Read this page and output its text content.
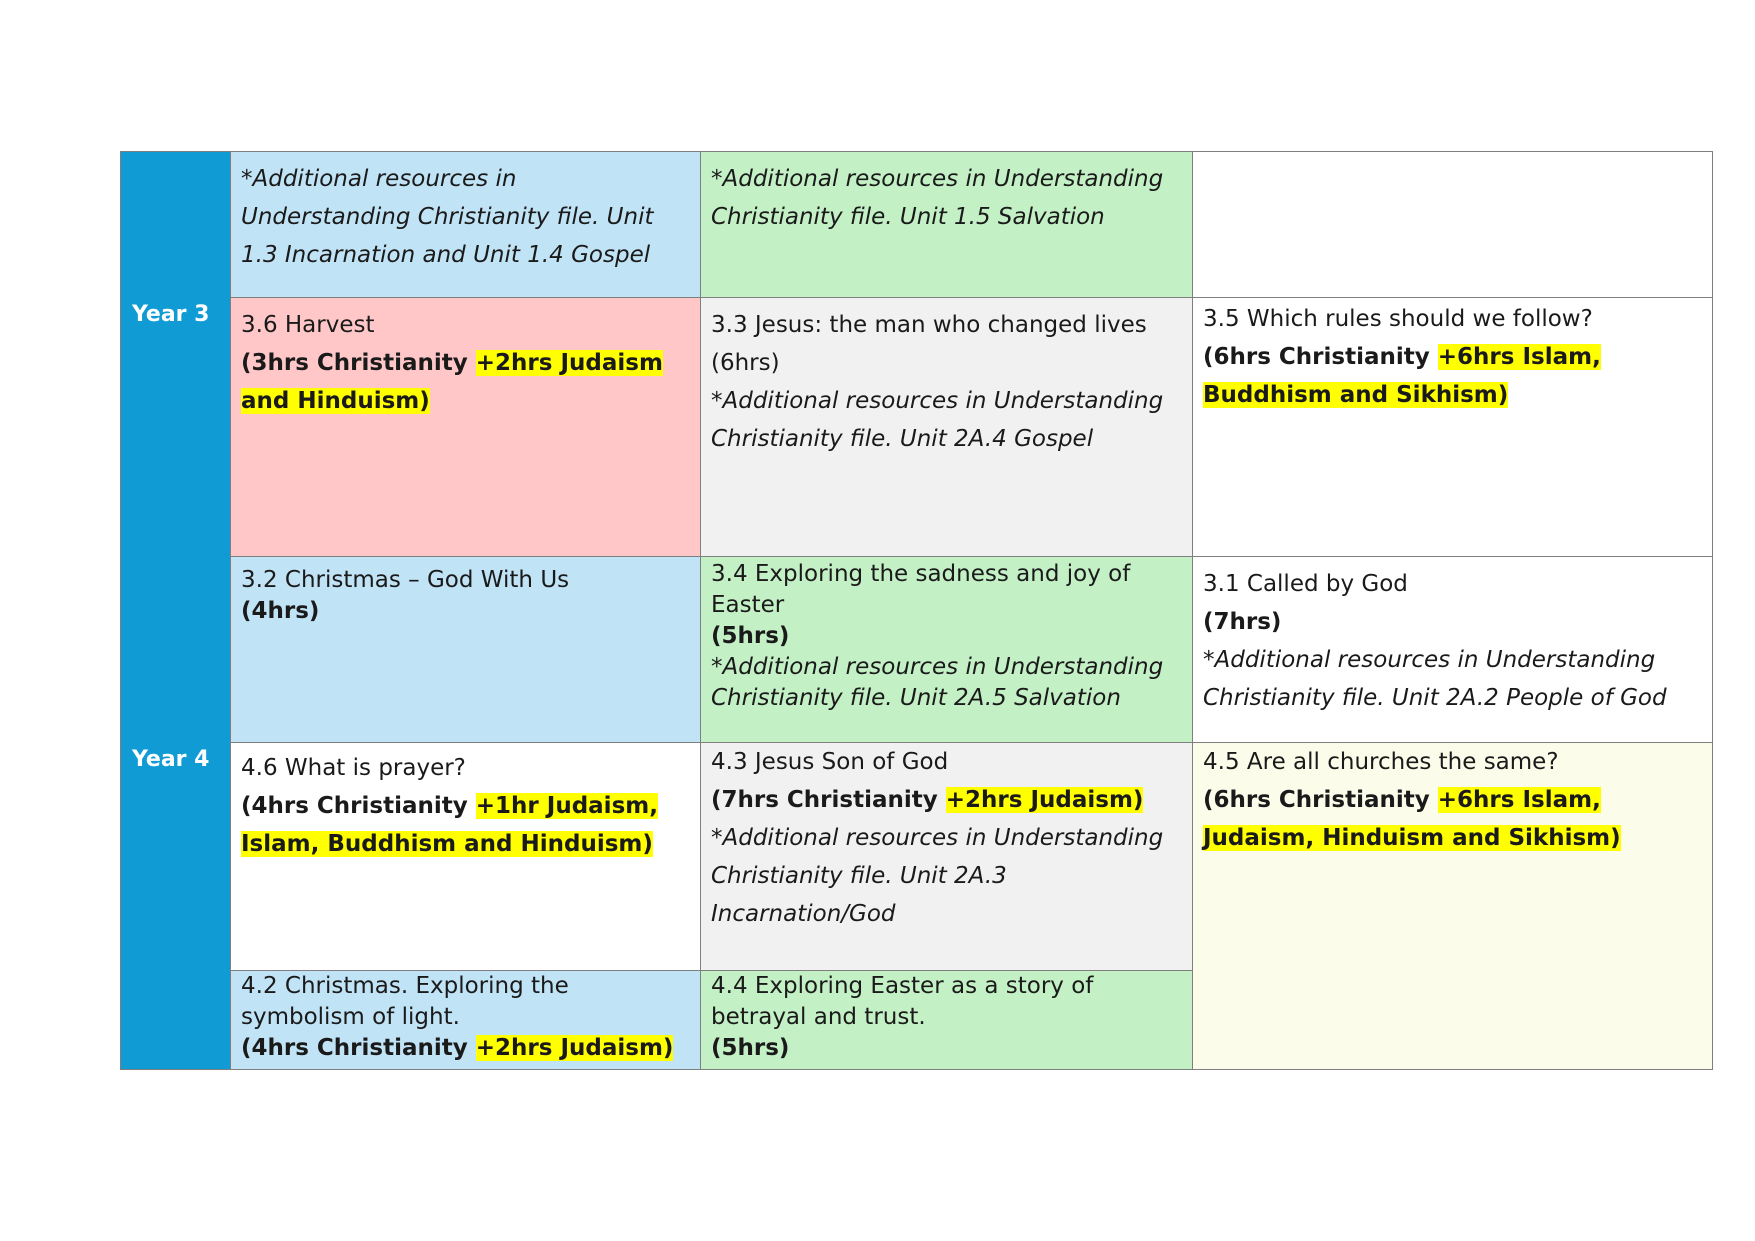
Year 3
Year 4
*Additional resources in Understanding Christianity file. Unit 1.3 Incarnation and Unit 1.4 Gospel
*Additional resources in Understanding Christianity file. Unit 1.5 Salvation
3.6 Harvest
(3hrs Christianity +2hrs Judaism and Hinduism)
3.3 Jesus: the man who changed lives
(6hrs)
*Additional resources in Understanding Christianity file. Unit 2A.4 Gospel
3.5 Which rules should we follow?
(6hrs Christianity +6hrs Islam, Buddhism and Sikhism)
3.2 Christmas – God With Us
(4hrs)
3.4 Exploring the sadness and joy of Easter
(5hrs)
*Additional resources in Understanding Christianity file. Unit 2A.5 Salvation
3.1 Called by God
(7hrs)
*Additional resources in Understanding Christianity file. Unit 2A.2 People of God
4.6 What is prayer?
(4hrs Christianity +1hr Judaism, Islam, Buddhism and Hinduism)
4.3 Jesus Son of God
(7hrs Christianity +2hrs Judaism)
*Additional resources in Understanding Christianity file. Unit 2A.3 Incarnation/God
4.5 Are all churches the same?
(6hrs Christianity +6hrs Islam, Judaism, Hinduism and Sikhism)
4.2 Christmas. Exploring the symbolism of light.
(4hrs Christianity +2hrs Judaism)
4.4 Exploring Easter as a story of betrayal and trust.
(5hrs)
